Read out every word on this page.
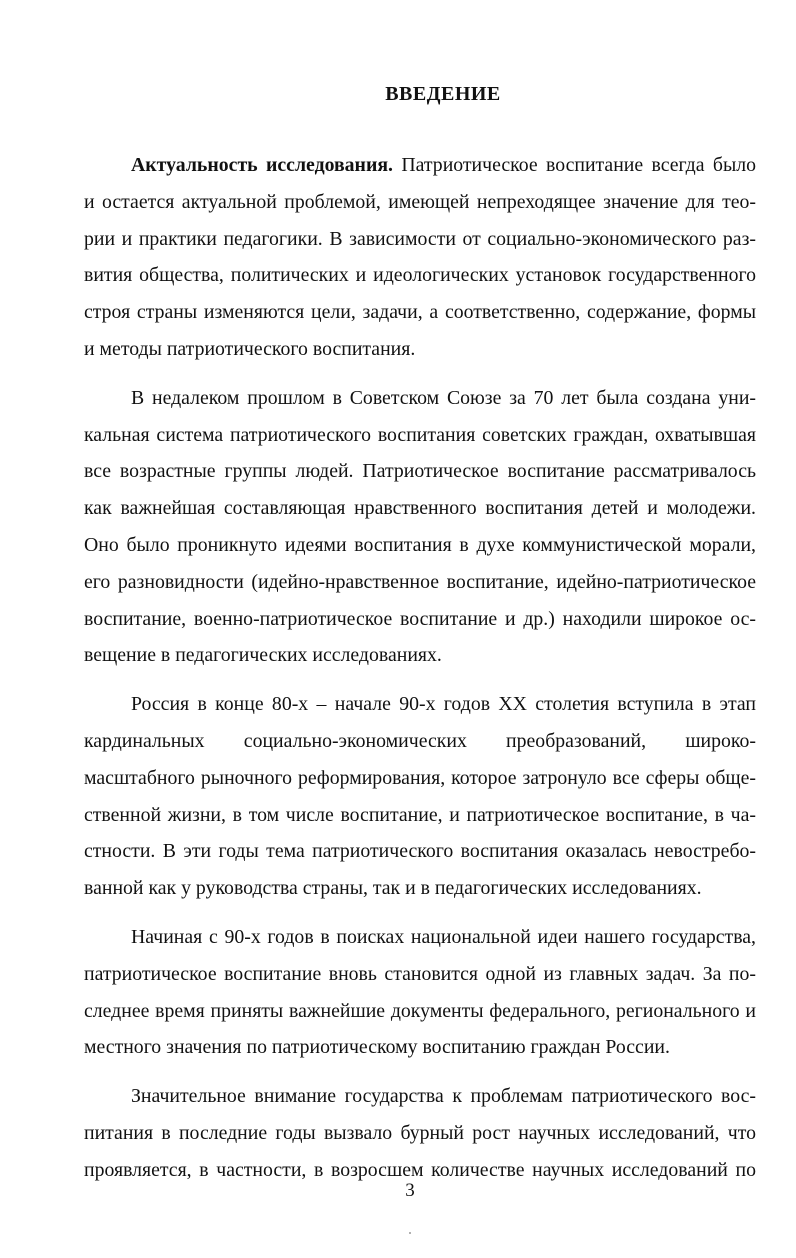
ВВЕДЕНИЕ
Актуальность исследования. Патриотическое воспитание всегда было
и остается актуальной проблемой, имеющей непреходящее значение для тео-
рии и практики педагогики. В зависимости от социально-экономического раз-
вития общества, политических и идеологических установок государственного
строя страны изменяются цели, задачи, а соответственно, содержание, формы
и методы патриотического воспитания.
В недалеком прошлом в Советском Союзе за 70 лет была создана уни-
кальная система патриотического воспитания советских граждан, охватывшая
все возрастные группы людей. Патриотическое воспитание рассматривалось
как важнейшая составляющая нравственного воспитания детей и молодежи.
Оно было проникнуто идеями воспитания в духе коммунистической морали,
его разновидности (идейно-нравственное воспитание, идейно-патриотическое
воспитание, военно-патриотическое воспитание и др.) находили широкое ос-
вещение в педагогических исследованиях.
Россия в конце 80-х – начале 90-х годов XX столетия вступила в этап
кардинальных социально-экономических преобразований, широко-
масштабного рыночного реформирования, которое затронуло все сферы обще-
ственной жизни, в том числе воспитание, и патриотическое воспитание, в ча-
стности. В эти годы тема патриотического воспитания оказалась невостребо-
ванной как у руководства страны, так и в педагогических исследованиях.
Начиная с 90-х годов в поисках национальной идеи нашего государства,
патриотическое воспитание вновь становится одной из главных задач. За по-
следнее время приняты важнейшие документы федерального, регионального и
местного значения по патриотическому воспитанию граждан России.
Значительное внимание государства к проблемам патриотического вос-
питания в последние годы вызвало бурный рост научных исследований, что
проявляется, в частности, в возросшем количестве научных исследований по
3
